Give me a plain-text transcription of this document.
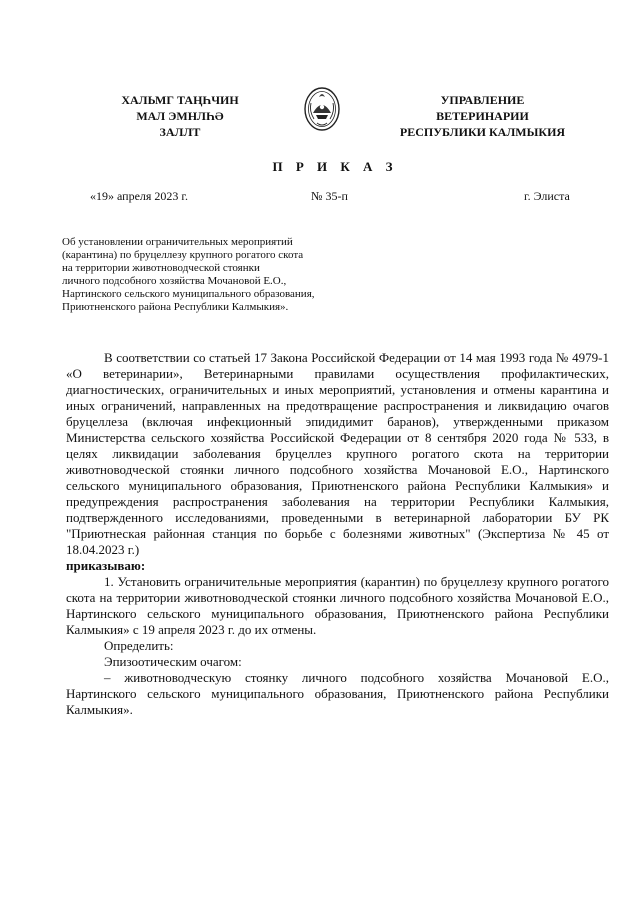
ХАЛЬМГ ТАҢҺЧИН
МАЛ ЭМНЛҺӘ
ЗАЛЛТ
УПРАВЛЕНИЕ
ВЕТЕРИНАРИИ
РЕСПУБЛИКИ КАЛМЫКИЯ
П Р И К А З
«19» апреля 2023 г.	№ 35-п	г. Элиста
Об установлении ограничительных мероприятий
(карантина) по бруцеллезу крупного рогатого скота
на территории животноводческой стоянки
личного подсобного хозяйства Мочановой Е.О.,
Нартинского сельского муниципального образования,
Приютненского района Республики Калмыкия».

В соответствии со статьей 17 Закона Российской Федерации от 14 мая 1993 года № 4979-1 «О ветеринарии», Ветеринарными правилами осуществления профилактических, диагностических, ограничительных и иных мероприятий, установления и отмены карантина и иных ограничений, направленных на предотвращение распространения и ликвидацию очагов бруцеллеза (включая инфекционный эпидидимит баранов), утвержденными приказом Министерства сельского хозяйства Российской Федерации от 8 сентября 2020 года № 533, в целях ликвидации заболевания бруцеллез крупного рогатого скота на территории животноводческой стоянки личного подсобного хозяйства Мочановой Е.О., Нартинского сельского муниципального образования, Приютненского района Республики Калмыкия» и предупреждения распространения заболевания на территории Республики Калмыкия, подтвержденного исследованиями, проведенными в ветеринарной лаборатории БУ РК "Приютнеская районная станция по борьбе с болезнями животных" (Экспертиза № 45 от 18.04.2023 г.)

приказываю:

1. Установить ограничительные мероприятия (карантин) по бруцеллезу крупного рогатого скота на территории животноводческой стоянки личного подсобного хозяйства Мочановой Е.О., Нартинского сельского муниципального образования, Приютненского района Республики Калмыкия» с 19 апреля 2023 г. до их отмены.

Определить:

Эпизоотическим очагом:

– животноводческую стоянку личного подсобного хозяйства Мочановой Е.О., Нартинского сельского муниципального образования, Приютненского района Республики Калмыкия».
